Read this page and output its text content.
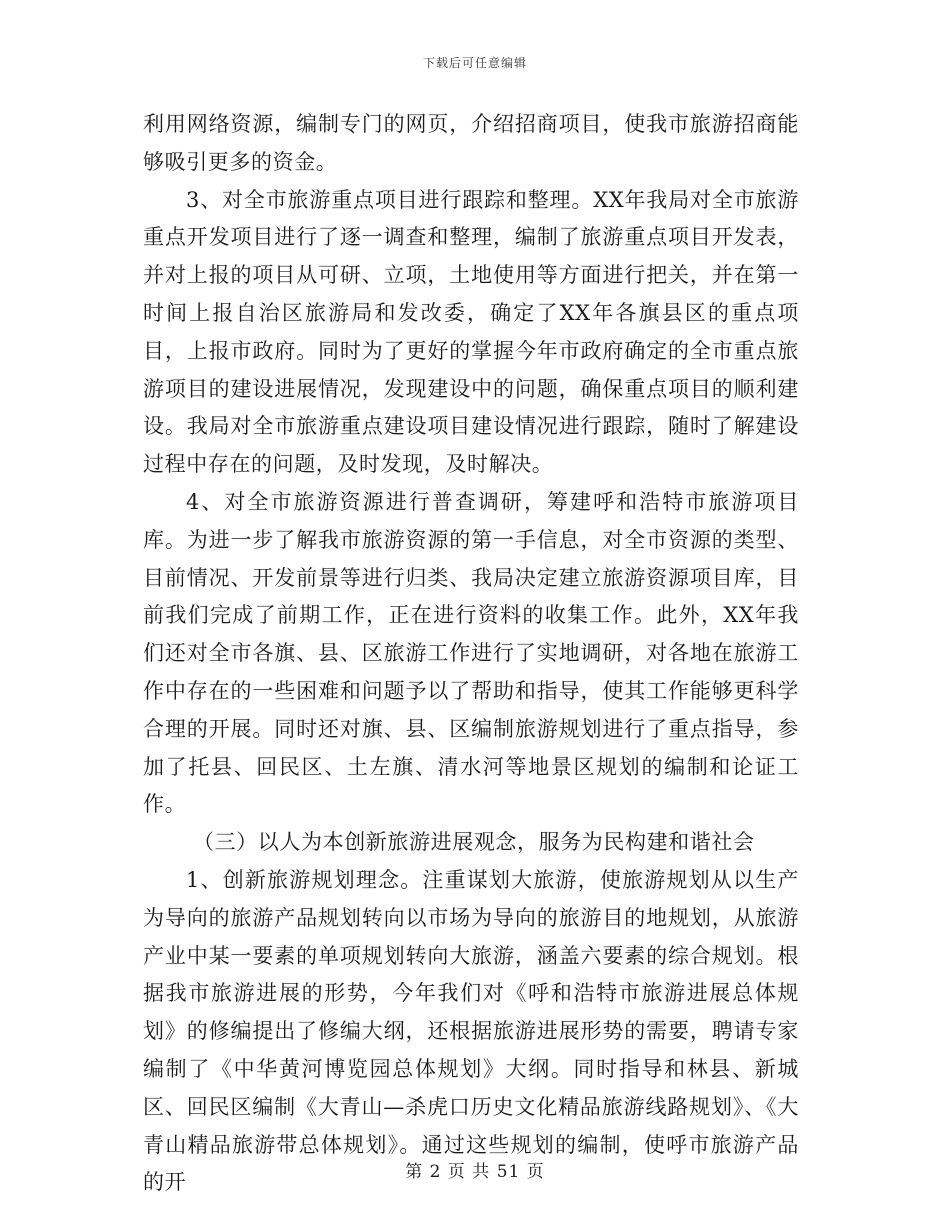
下载后可任意编辑

利用网络资源，编制专门的网页，介绍招商项目，使我市旅游招商能够吸引更多的资金。

3、对全市旅游重点项目进行跟踪和整理。XX年我局对全市旅游重点开发项目进行了逐一调查和整理，编制了旅游重点项目开发表，并对上报的项目从可研、立项，土地使用等方面进行把关，并在第一时间上报自治区旅游局和发改委，确定了XX年各旗县区的重点项目，上报市政府。同时为了更好的掌握今年市政府确定的全市重点旅游项目的建设进展情况，发现建设中的问题，确保重点项目的顺利建设。我局对全市旅游重点建设项目建设情况进行跟踪，随时了解建设过程中存在的问题，及时发现，及时解决。

4、对全市旅游资源进行普查调研，筹建呼和浩特市旅游项目库。为进一步了解我市旅游资源的第一手信息，对全市资源的类型、目前情况、开发前景等进行归类、我局决定建立旅游资源项目库，目前我们完成了前期工作，正在进行资料的收集工作。此外，XX年我们还对全市各旗、县、区旅游工作进行了实地调研，对各地在旅游工作中存在的一些困难和问题予以了帮助和指导，使其工作能够更科学合理的开展。同时还对旗、县、区编制旅游规划进行了重点指导，参加了托县、回民区、土左旗、清水河等地景区规划的编制和论证工作。

（三）以人为本创新旅游进展观念，服务为民构建和谐社会

1、创新旅游规划理念。注重谋划大旅游，使旅游规划从以生产为导向的旅游产品规划转向以市场为导向的旅游目的地规划，从旅游产业中某一要素的单项规划转向大旅游，涵盖六要素的综合规划。根据我市旅游进展的形势，今年我们对《呼和浩特市旅游进展总体规划》的修编提出了修编大纲，还根据旅游进展形势的需要，聘请专家编制了《中华黄河博览园总体规划》大纲。同时指导和林县、新城区、回民区编制《大青山—杀虎口历史文化精品旅游线路规划》、《大青山精品旅游带总体规划》。通过这些规划的编制，使呼市旅游产品的开	第 2 页 共 51 页
